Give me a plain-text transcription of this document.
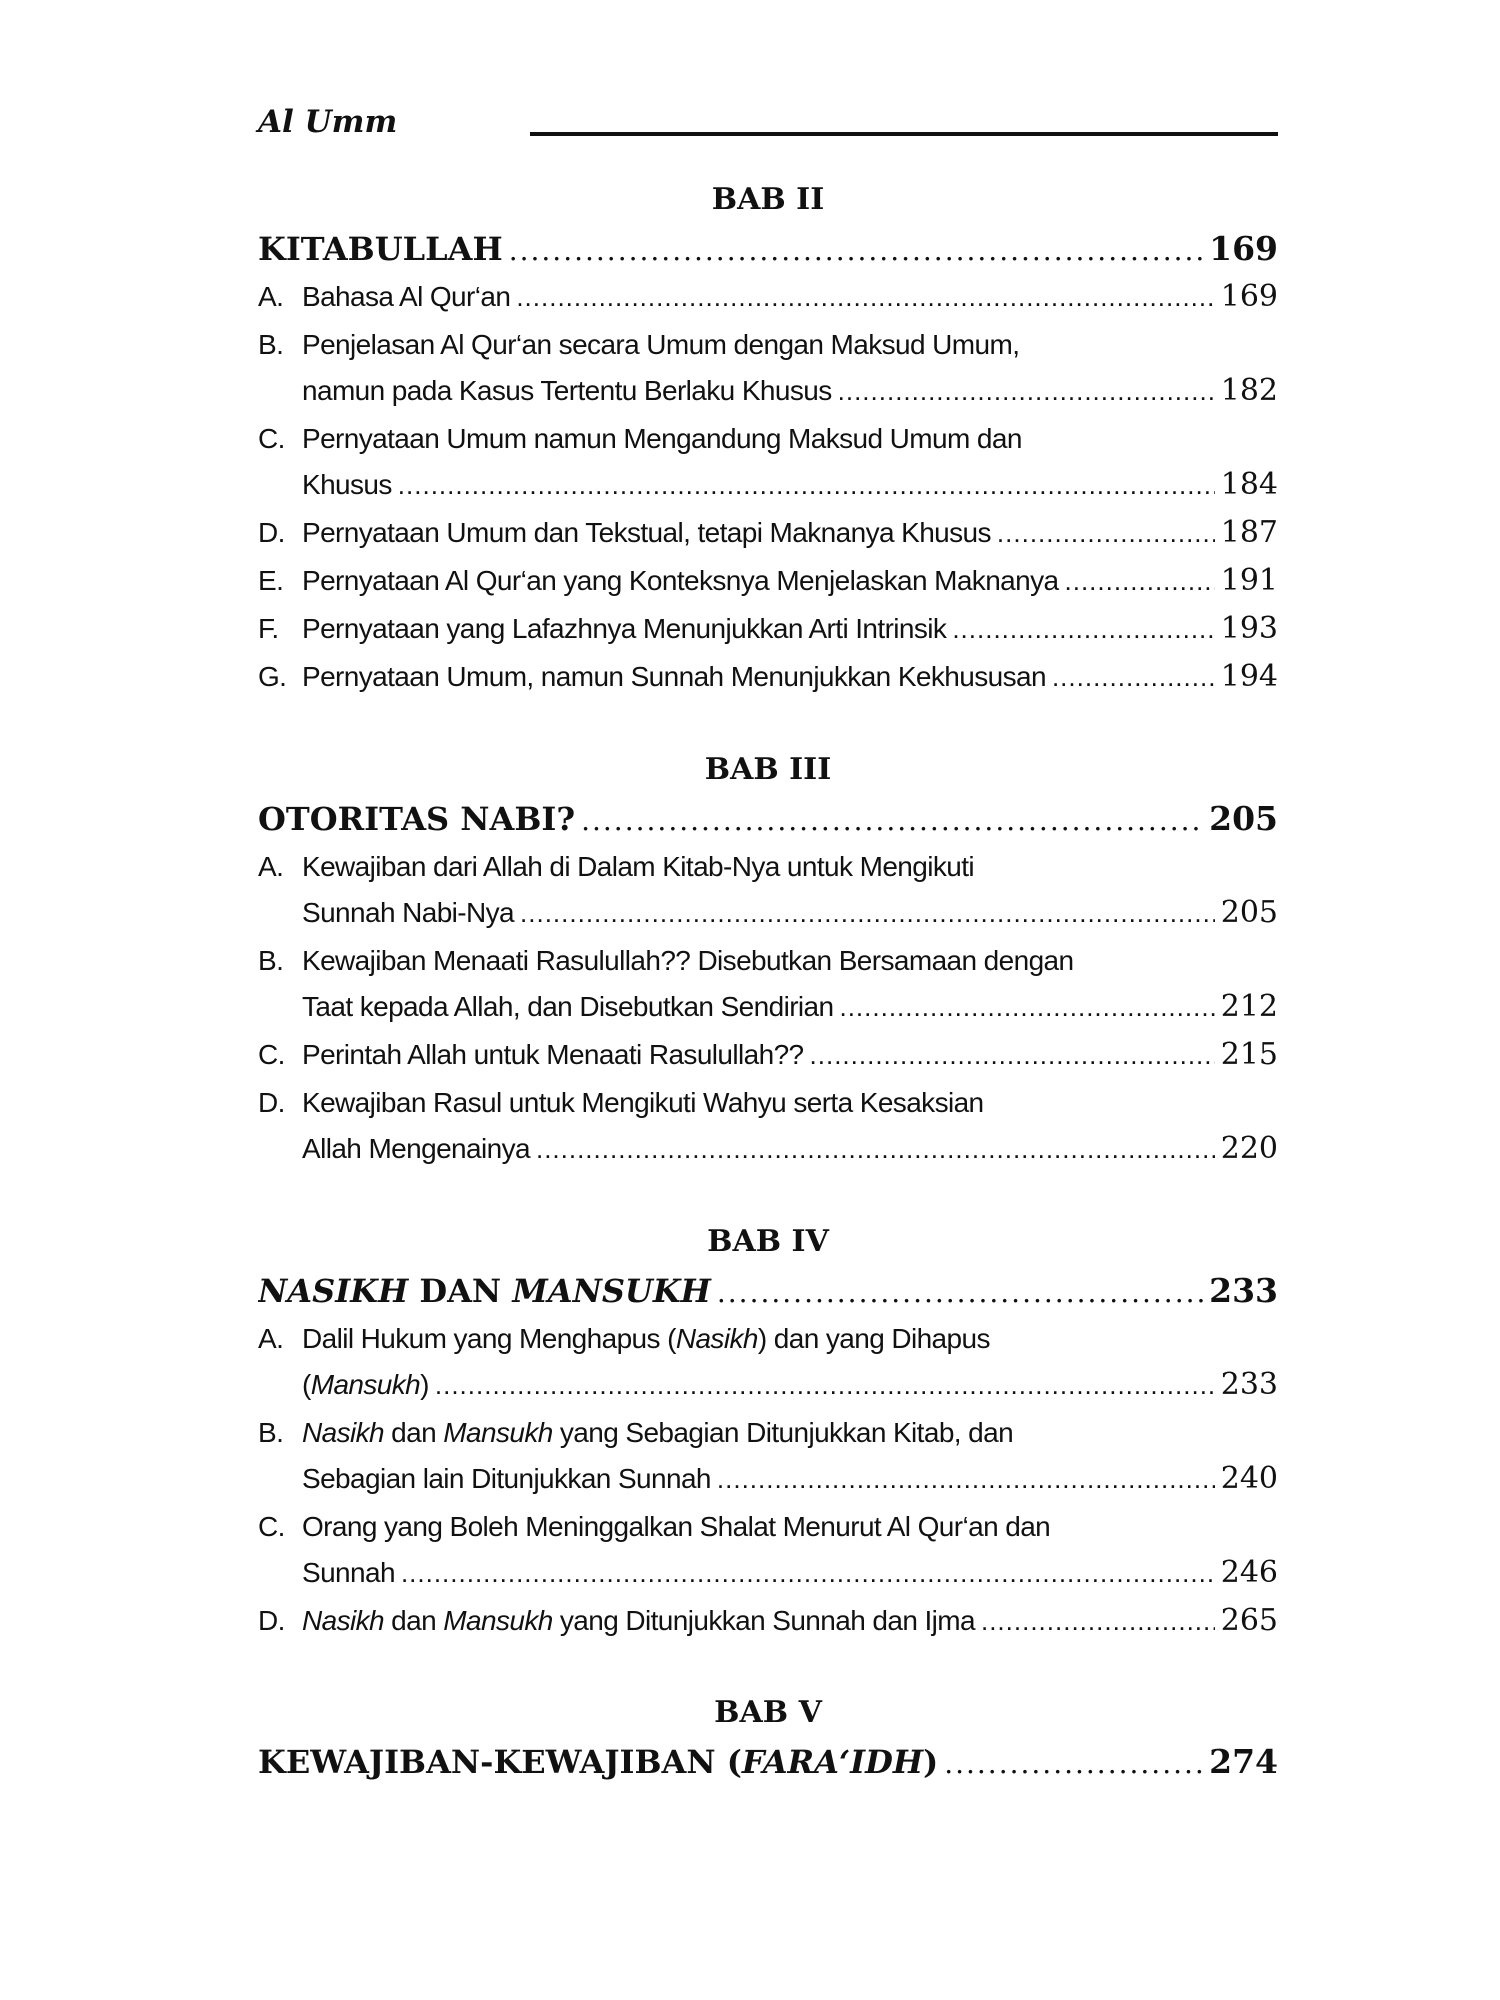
Al Umm
BAB II
KITABULLAH .....	169
A. Bahasa Al Qur‘an .....	169
B. Penjelasan Al Qur‘an secara Umum dengan Maksud Umum,
namun pada Kasus Tertentu Berlaku Khusus .....	182
C. Pernyataan Umum namun Mengandung Maksud Umum dan
Khusus .....	184
D. Pernyataan Umum dan Tekstual, tetapi Maknanya Khusus .....	187
E. Pernyataan Al Qur‘an yang Konteksnya Menjelaskan Maknanya .....	191
F. Pernyataan yang Lafazhnya Menunjukkan Arti Intrinsik .....	193
G. Pernyataan Umum, namun Sunnah Menunjukkan Kekhususan .....	194
BAB III
OTORITAS NABI? .....	205
A. Kewajiban dari Allah di Dalam Kitab-Nya untuk Mengikuti
Sunnah Nabi-Nya .....	205
B. Kewajiban Menaati Rasulullah?? Disebutkan Bersamaan dengan
Taat kepada Allah, dan Disebutkan Sendirian .....	212
C. Perintah Allah untuk Menaati Rasulullah?? .....	215
D. Kewajiban Rasul untuk Mengikuti Wahyu serta Kesaksian
Allah Mengenainya .....	220
BAB IV
NASIKH DAN MANSUKH .....	233
A. Dalil Hukum yang Menghapus (Nasikh) dan yang Dihapus
(Mansukh) .....	233
B. Nasikh dan Mansukh yang Sebagian Ditunjukkan Kitab, dan
Sebagian lain Ditunjukkan Sunnah .....	240
C. Orang yang Boleh Meninggalkan Shalat Menurut Al Qur‘an dan
Sunnah .....	246
D. Nasikh dan Mansukh yang Ditunjukkan Sunnah dan Ijma .....	265
BAB V
KEWAJIBAN-KEWAJIBAN (FARA‘IDH) .....	274
